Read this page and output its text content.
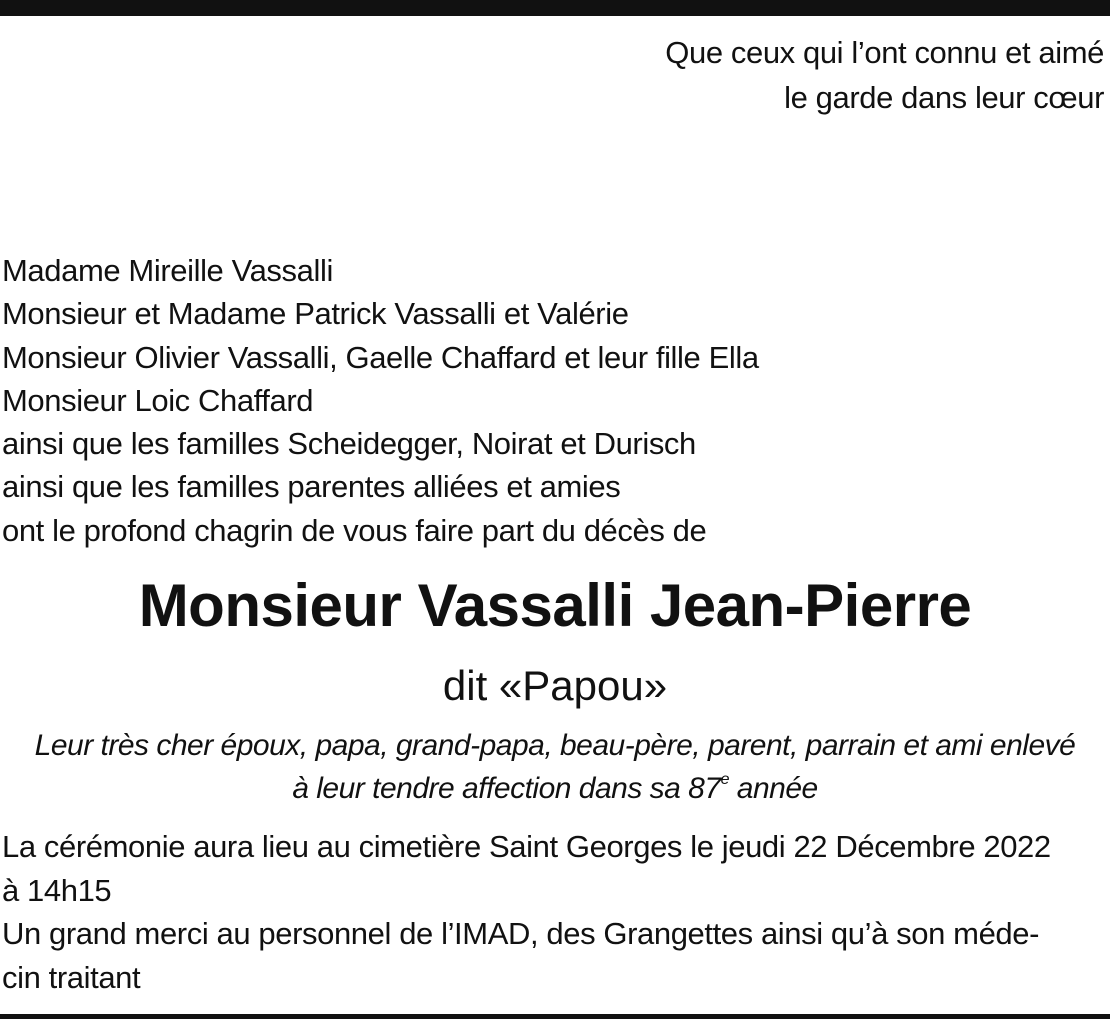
Que ceux qui l’ont connu et aimé
le garde dans leur cœur
Madame Mireille Vassalli
Monsieur et Madame Patrick Vassalli et Valérie
Monsieur Olivier Vassalli, Gaelle Chaffard et leur fille Ella
Monsieur Loic Chaffard
ainsi que les familles Scheidegger, Noirat et Durisch
ainsi que les familles parentes alliées et amies
ont le profond chagrin de vous faire part du décès de
Monsieur Vassalli Jean-Pierre
dit «Papou»
Leur très cher époux, papa, grand-papa, beau-père, parent, parrain et ami enlevé
à leur tendre affection dans sa 87e année
La cérémonie aura lieu au cimetière Saint Georges le jeudi 22 Décembre 2022
à 14h15
Un grand merci au personnel de l’IMAD, des Grangettes ainsi qu’à son méde-
cin traitant
